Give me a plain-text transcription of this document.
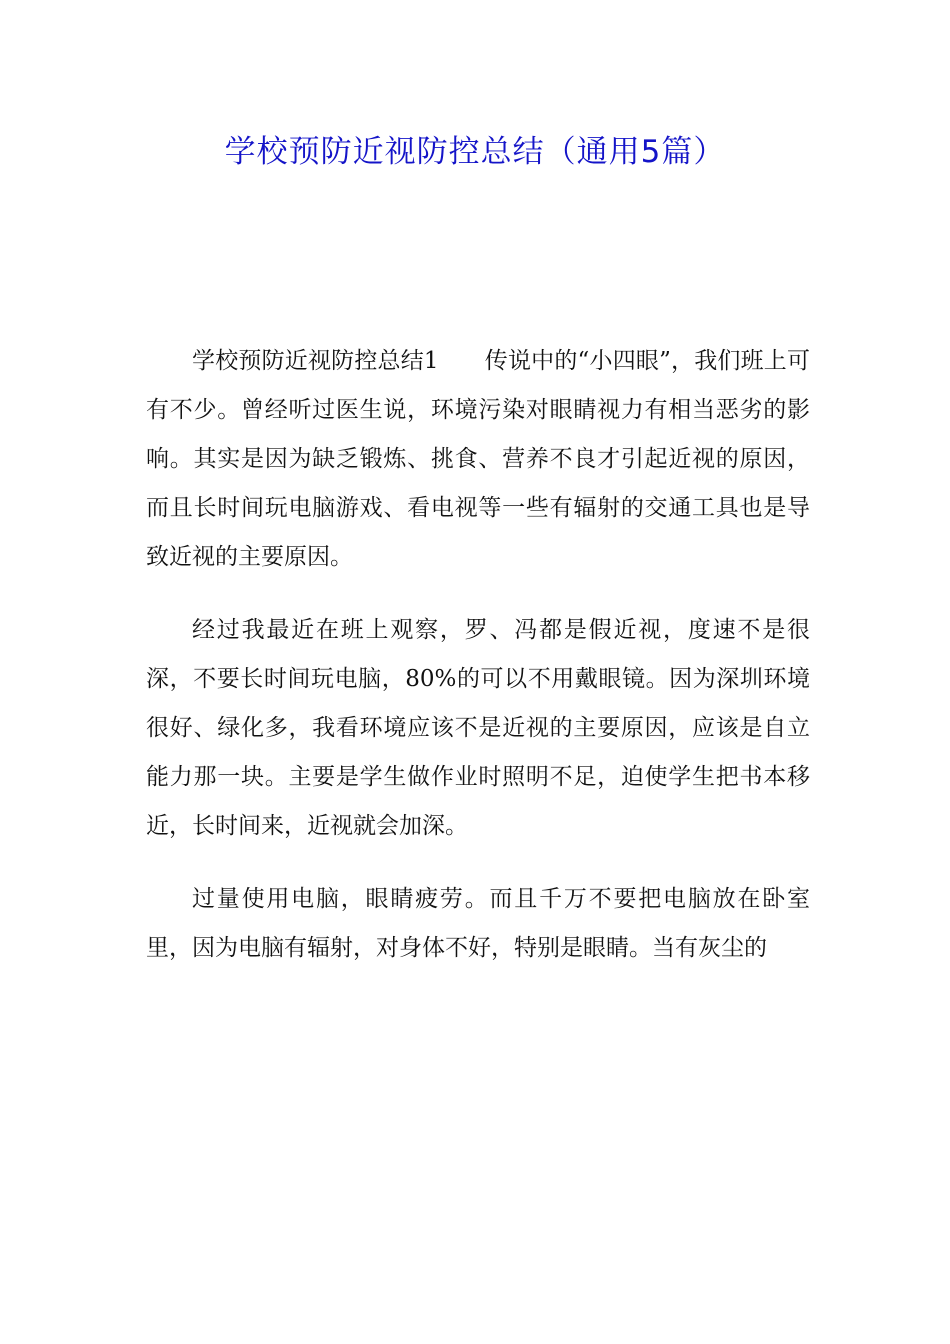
学校预防近视防控总结（通用5篇）

学校预防近视防控总结1 传说中的“小四眼”，我们班上可有不少。曾经听过医生说，环境污染对眼睛视力有相当恶劣的影响。其实是因为缺乏锻炼、挑食、营养不良才引起近视的原因，而且长时间玩电脑游戏、看电视等一些有辐射的交通工具也是导致近视的主要原因。

经过我最近在班上观察，罗、冯都是假近视，度速不是很深，不要长时间玩电脑，80%的可以不用戴眼镜。因为深圳环境很好、绿化多，我看环境应该不是近视的主要原因，应该是自立能力那一块。主要是学生做作业时照明不足，迫使学生把书本移近，长时间来，近视就会加深。

过量使用电脑，眼睛疲劳。而且千万不要把电脑放在卧室里，因为电脑有辐射，对身体不好，特别是眼睛。当有灰尘的
